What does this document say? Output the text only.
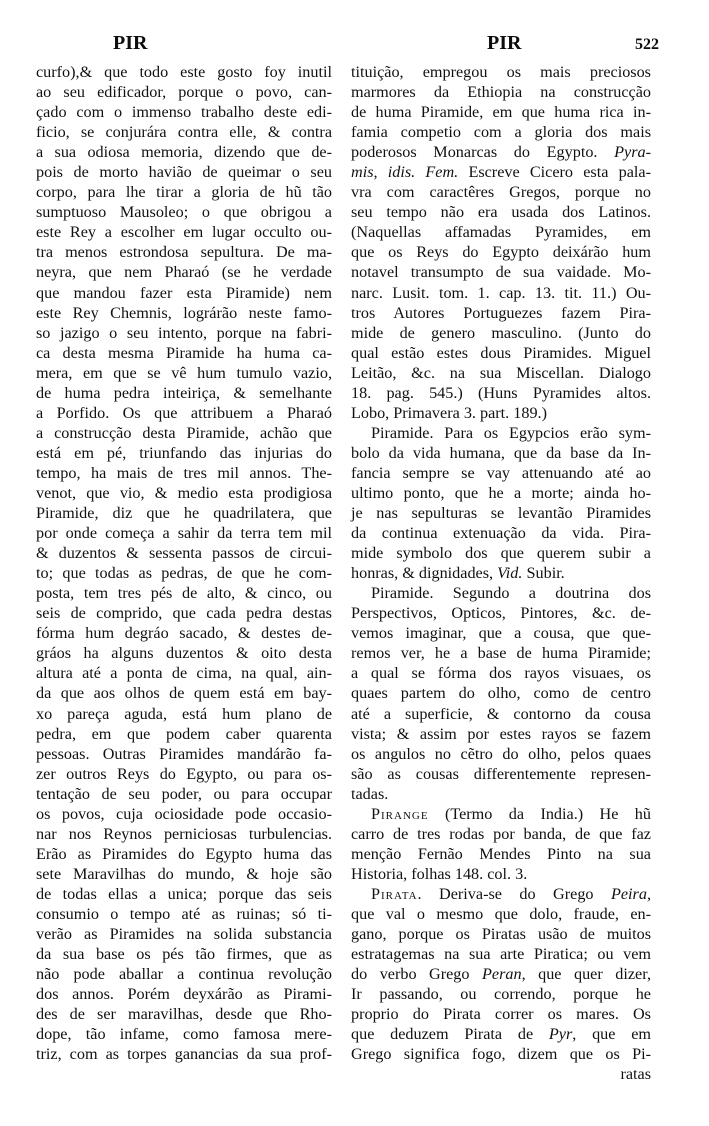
PIR	PIR	522
curfo),& que todo este gosto foy inutil
ao seu edificador, porque o povo, can-
çado com o immenso trabalho deste edi-
ficio, se conjurára contra elle, & contra
a sua odiosa memoria, dizendo que de-
pois de morto havião de queimar o seu
corpo, para lhe tirar a gloria de hũ tão
sumptuoso Mausoleo; o que obrigou a
este Rey a escolher em lugar occulto ou-
tra menos estrondosa sepultura. De ma-
neyra, que nem Pharaó (se he verdade
que mandou fazer esta Piramide) nem
este Rey Chemnis, lográrão neste famo-
so jazigo o seu intento, porque na fabri-
ca desta mesma Piramide ha huma ca-
mera, em que se vê hum tumulo vazio,
de huma pedra inteiriça, & semelhante
a Porfido. Os que attribuem a Pharaó
a construcção desta Piramide, achão que
está em pé, triunfando das injurias do
tempo, ha mais de tres mil annos. The-
venot, que vio, & medio esta prodigiosa
Piramide, diz que he quadrilatera, que
por onde começa a sahir da terra tem mil
& duzentos & sessenta passos de circui-
to; que todas as pedras, de que he com-
posta, tem tres pés de alto, & cinco, ou
seis de comprido, que cada pedra destas
fórma hum degráo sacado, & destes de-
gráos ha alguns duzentos & oito desta
altura até a ponta de cima, na qual, ain-
da que aos olhos de quem está em bay-
xo pareça aguda, está hum plano de
pedra, em que podem caber quarenta
pessoas. Outras Piramides mandárão fa-
zer outros Reys do Egypto, ou para os-
tentação de seu poder, ou para occupar
os povos, cuja ociosidade pode occasio-
nar nos Reynos perniciosas turbulencias.
Erão as Piramides do Egypto huma das
sete Maravilhas do mundo, & hoje são
de todas ellas a unica; porque das seis
consumio o tempo até as ruinas; só ti-
verão as Piramides na solida substancia
da sua base os pés tão firmes, que as
não pode aballar a continua revolução
dos annos. Porém deyxárão as Pirami-
des de ser maravilhas, desde que Rho-
dope, tão infame, como famosa mere-
triz, com as torpes ganancias da sua prof-
tituição, empregou os mais preciosos
marmores da Ethiopia na construcção
de huma Piramide, em que huma rica in-
famia competio com a gloria dos mais
poderosos Monarcas do Egypto. Pyra-
mis, idis. Fem. Escreve Cicero esta pala-
vra com caractêres Gregos, porque no
seu tempo não era usada dos Latinos.
(Naquellas affamadas Pyramides, em
que os Reys do Egypto deixárão hum
notavel transumpto de sua vaidade. Mo-
narc. Lusit. tom. 1. cap. 13. tit. 11.) Ou-
tros Autores Portuguezes fazem Pira-
mide de genero masculino. (Junto do
qual estão estes dous Piramides. Miguel
Leitão, &c. na sua Miscellan. Dialogo
18. pag. 545.) (Huns Pyramides altos.
Lobo, Primavera 3. part. 189.)
Piramide. Para os Egypcios erão sym-
bolo da vida humana, que da base da In-
fancia sempre se vay attenuando até ao
ultimo ponto, que he a morte; ainda ho-
je nas sepulturas se levantão Piramides
da continua extenuação da vida. Pira-
mide symbolo dos que querem subir a
honras, & dignidades, Vid. Subir.
Piramide. Segundo a doutrina dos
Perspectivos, Opticos, Pintores, &c. de-
vemos imaginar, que a cousa, que que-
remos ver, he a base de huma Piramide;
a qual se fórma dos rayos visuaes, os
quaes partem do olho, como de centro
até a superficie, & contorno da cousa
vista; & assim por estes rayos se fazem
os angulos no cẽtro do olho, pelos quaes
são as cousas differentemente represen-
tadas.
Pirange (Termo da India.) He hũ
carro de tres rodas por banda, de que faz
menção Fernão Mendes Pinto na sua
Historia, folhas 148. col. 3.
Pirata. Deriva-se do Grego Peira,
que val o mesmo que dolo, fraude, en-
gano, porque os Piratas usão de muitos
estratagemas na sua arte Piratica; ou vem
do verbo Grego Peran, que quer dizer,
Ir passando, ou correndo, porque he
proprio do Pirata correr os mares. Os
que deduzem Pirata de Pyr, que em
Grego significa fogo, dizem que os Pi-
ratas
